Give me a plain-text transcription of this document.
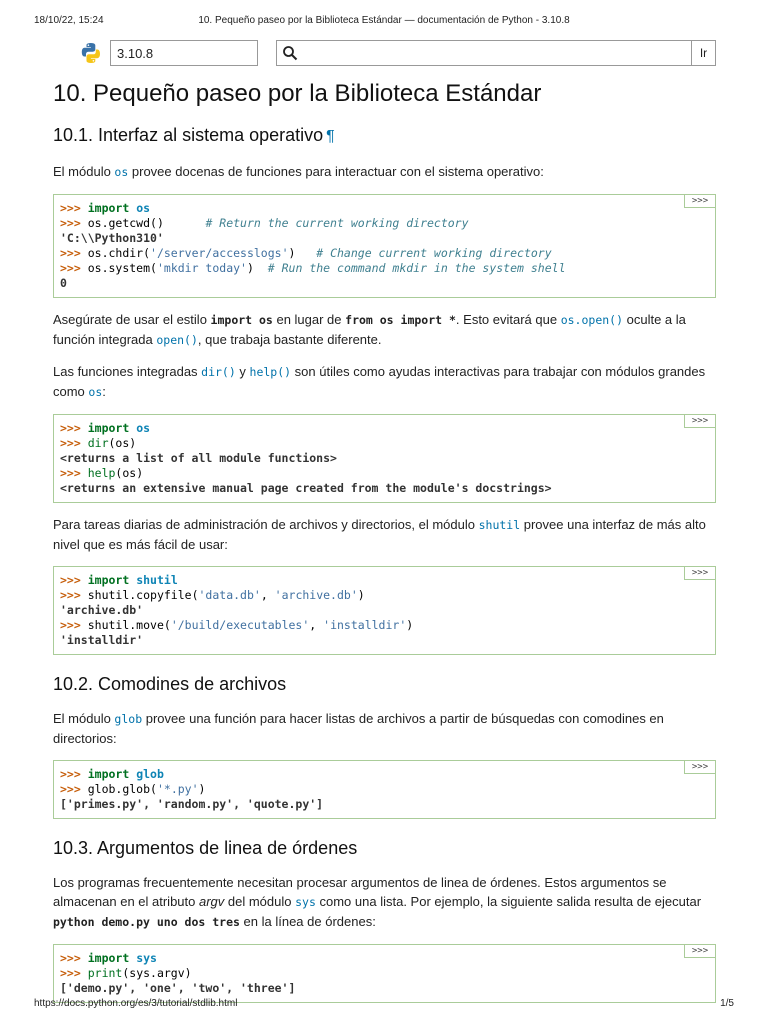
18/10/22, 15:24	10. Pequeño paseo por la Biblioteca Estándar — documentación de Python - 3.10.8
3.10.8	Ir
10. Pequeño paseo por la Biblioteca Estándar
10.1. Interfaz al sistema operativo ¶

El módulo os provee docenas de funciones para interactuar con el sistema operativo:

>>>
>>> import os
>>> os.getcwd()	# Return the current working directory
'C:\\Python310'
>>> os.chdir('/server/accesslogs') # Change current working directory
>>> os.system('mkdir today') # Run the command mkdir in the system shell
0

Asegúrate de usar el estilo import os en lugar de from os import *. Esto evitará que os.open() oculte a la función integrada open(), que trabaja bastante diferente.

Las funciones integradas dir() y help() son útiles como ayudas interactivas para trabajar con módulos grandes como os:

>>>
>>> import os
>>> dir(os)
<returns a list of all module functions>
>>> help(os)
<returns an extensive manual page created from the module's docstrings>

Para tareas diarias de administración de archivos y directorios, el módulo shutil provee una interfaz de más alto nivel que es más fácil de usar:

>>>
>>> import shutil
>>> shutil.copyfile('data.db', 'archive.db')
'archive.db'
>>> shutil.move('/build/executables', 'installdir')
'installdir'
10.2. Comodines de archivos

El módulo glob provee una función para hacer listas de archivos a partir de búsquedas con comodines en directorios:

>>>
>>> import glob
>>> glob.glob('*.py')
['primes.py', 'random.py', 'quote.py']
10.3. Argumentos de linea de órdenes

Los programas frecuentemente necesitan procesar argumentos de linea de órdenes. Estos argumentos se almacenan en el atributo argv del módulo sys como una lista. Por ejemplo, la siguiente salida resulta de ejecutar python demo.py uno dos tres en la línea de órdenes:

>>>
>>> import sys
>>> print(sys.argv)
['demo.py', 'one', 'two', 'three']
https://docs.python.org/es/3/tutorial/stdlib.html	1/5
